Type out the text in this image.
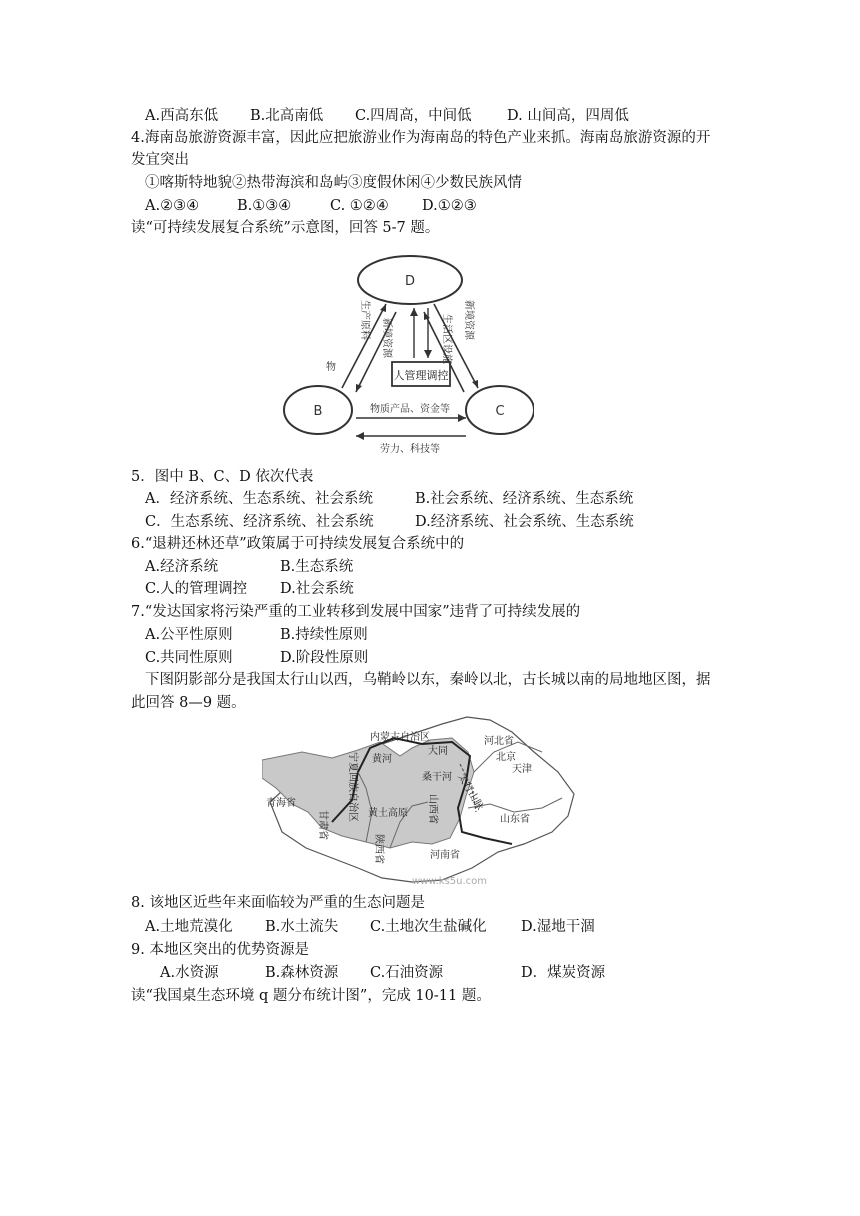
A.西高东低 B.北高南低 C.四周高，中间低 D. 山间高，四周低
4.海南岛旅游资源丰富，因此应把旅游业作为海南岛的特色产业来抓。海南岛旅游资源的开
发宜突出
①喀斯特地貌②热带海滨和岛屿③度假休闲④少数民族风情
A.②③④	B.①③④	C. ①②④ D.①②③
读“可持续发展复合系统”示意图，回答 5-7 题。
D
B	C
人管理调控
生产原料
物
新境资源	生活区设施 新境资源
物质产品、资金等
劳力、科技等
5．图中 B、C、D 依次代表
A．经济系统、生态系统、社会系统	B.社会系统、经济系统、生态系统
C．生态系统、经济系统、社会系统	D.经济系统、社会系统、生态系统
6.“退耕还林还草”政策属于可持续发展复合系统中的
A.经济系统	B.生态系统
C.人的管理调控 D.社会系统
7.“发达国家将污染严重的工业转移到发展中国家”违背了可持续发展的
A.公平性原则	B.持续性原则
C.共同性原则	D.阶段性原则
下图阴影部分是我国太行山以西，乌鞘岭以东，秦岭以北，古长城以南的局地地区图，据
此回答 8—9 题。
内蒙古自治区	河北省
北京
天津
大同
黄河
桑干河 太行山脉
宁夏回族自治区
青海省
黄土高原 山西省	山东省
甘肃省
陕西省	河南省
www.ks5u.com
8. 该地区近些年来面临较为严重的生态问题是
A.土地荒漠化 B.水土流失 C.土地次生盐碱化 D.湿地干涸
9. 本地区突出的优势资源是
A.水资源	B.森林资源 C.石油资源	D．煤炭资源
读“我国桌生态环境 q 题分布统计图”，完成 10-11 题。
